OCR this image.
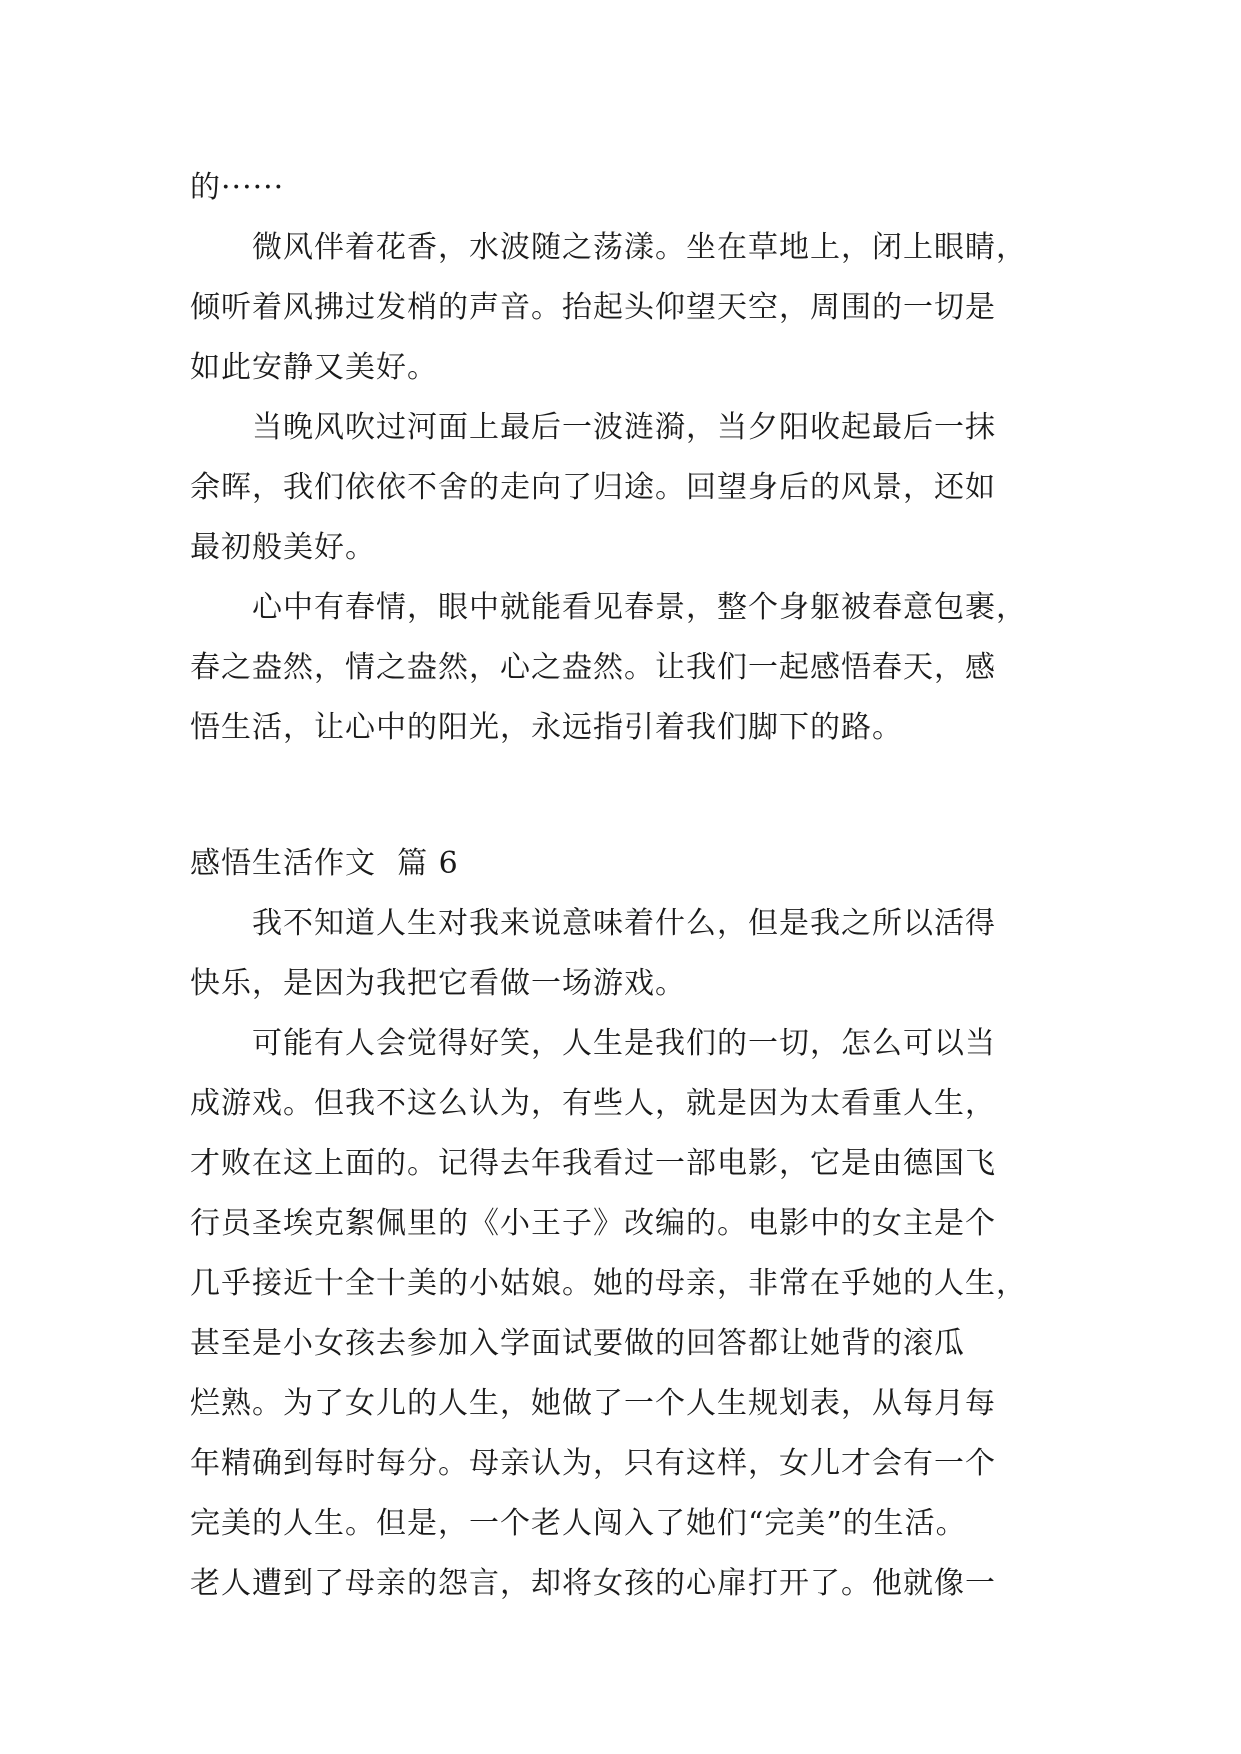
的······
微风伴着花香，水波随之荡漾。坐在草地上，闭上眼睛，
倾听着风拂过发梢的声音。抬起头仰望天空，周围的一切是
如此安静又美好。
当晚风吹过河面上最后一波涟漪，当夕阳收起最后一抹
余晖，我们依依不舍的走向了归途。回望身后的风景，还如
最初般美好。
心中有春情，眼中就能看见春景，整个身躯被春意包裹，
春之盎然，情之盎然，心之盎然。让我们一起感悟春天，感
悟生活，让心中的阳光，永远指引着我们脚下的路。
感悟生活作文  篇 6
我不知道人生对我来说意味着什么，但是我之所以活得
快乐，是因为我把它看做一场游戏。
可能有人会觉得好笑，人生是我们的一切，怎么可以当
成游戏。但我不这么认为，有些人，就是因为太看重人生，
才败在这上面的。记得去年我看过一部电影，它是由德国飞
行员圣埃克絮佩里的《小王子》改编的。电影中的女主是个
几乎接近十全十美的小姑娘。她的母亲，非常在乎她的人生，
甚至是小女孩去参加入学面试要做的回答都让她背的滚瓜
烂熟。为了女儿的人生，她做了一个人生规划表，从每月每
年精确到每时每分。母亲认为，只有这样，女儿才会有一个
完美的人生。但是，一个老人闯入了她们“完美”的生活。
老人遭到了母亲的怨言，却将女孩的心扉打开了。他就像一
